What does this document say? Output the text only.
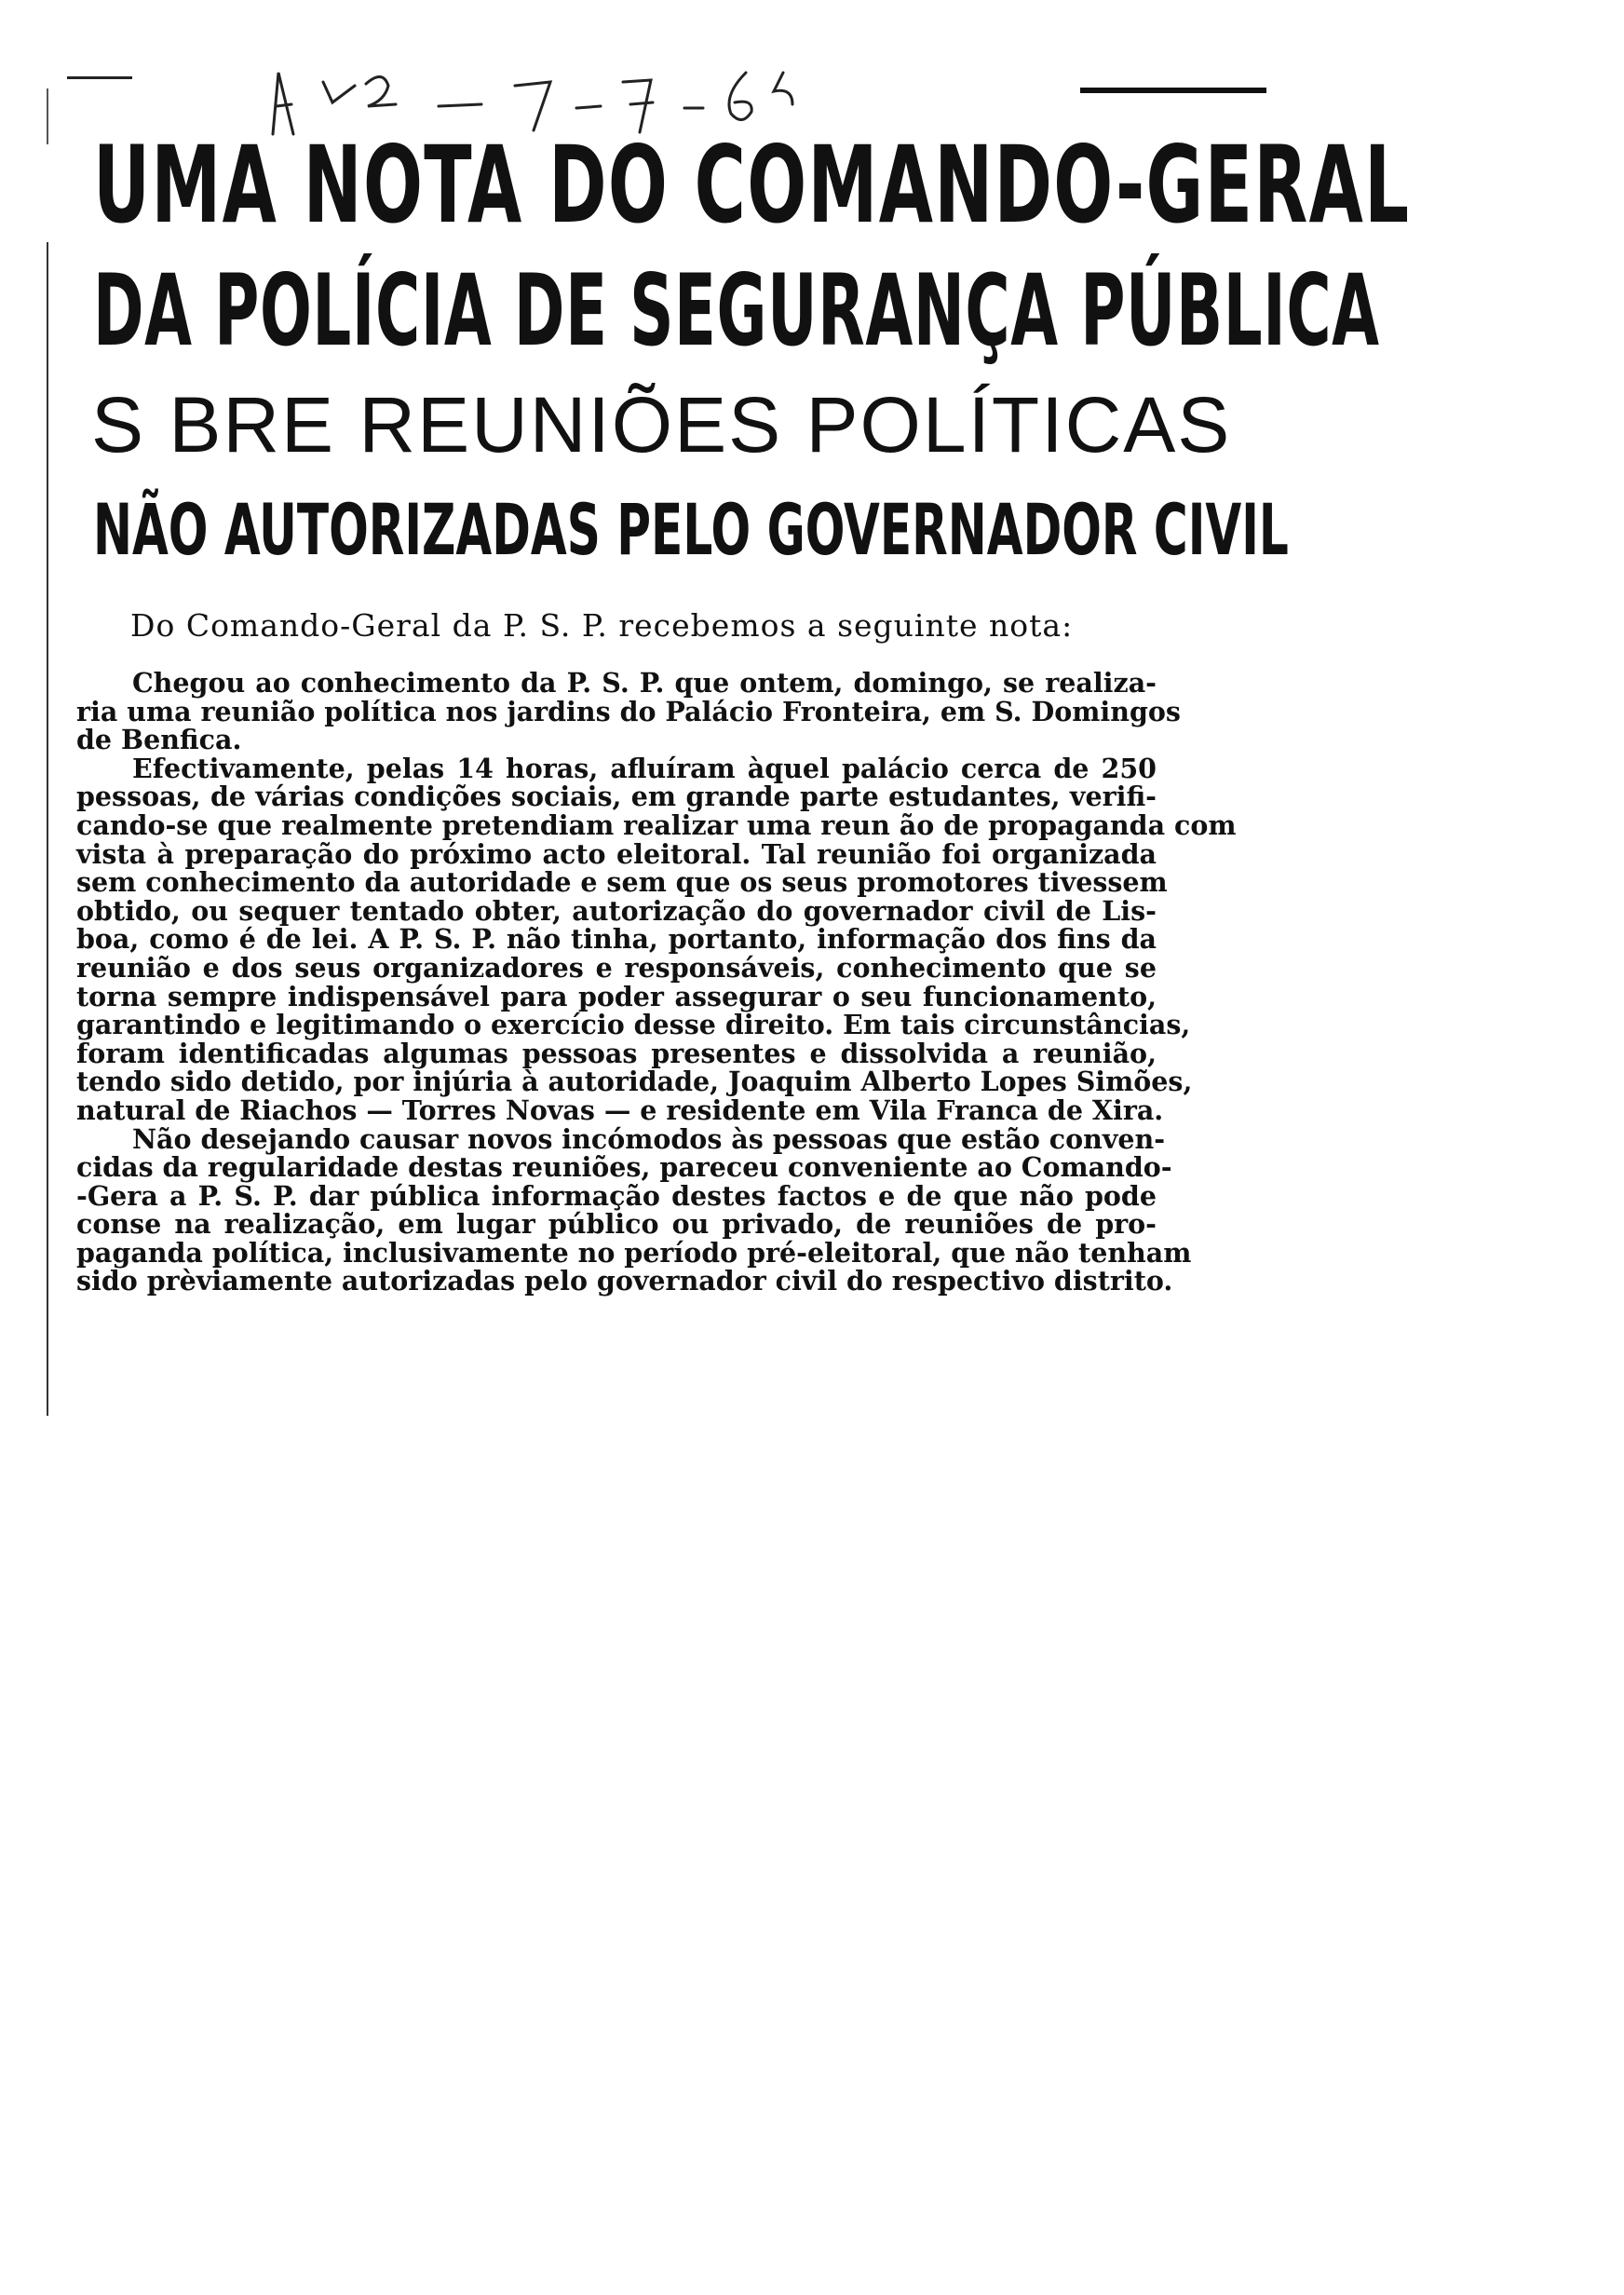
UMA NOTA DO COMANDO-GERAL
DA POLÍCIA DE SEGURANÇA PÚBLICA
S BRE REUNIÕES POLÍTICAS
NÃO AUTORIZADAS PELO GOVERNADOR CIVIL
Do Comando-Geral da P. S. P. recebemos a seguinte nota:
Chegou ao conhecimento da P. S. P. que ontem, domingo, se realiza-
ria uma reunião política nos jardins do Palácio Fronteira, em S. Domingos
de Benfica.
Efectivamente, pelas 14 horas, afluíram àquel palácio cerca de 250
pessoas, de várias condições sociais, em grande parte estudantes, verifi-
cando-se que realmente pretendiam realizar uma reun ão de propaganda com
vista à preparação do próximo acto eleitoral. Tal reunião foi organizada
sem conhecimento da autoridade e sem que os seus promotores tivessem
obtido, ou sequer tentado obter, autorização do governador civil de Lis-
boa, como é de lei. A P. S. P. não tinha, portanto, informação dos fins da
reunião e dos seus organizadores e responsáveis, conhecimento que se
torna sempre indispensável para poder assegurar o seu funcionamento,
garantindo e legitimando o exercício desse direito. Em tais circunstâncias,
foram identificadas algumas pessoas presentes e dissolvida a reunião,
tendo sido detido, por injúria à autoridade, Joaquim Alberto Lopes Simões,
natural de Riachos — Torres Novas — e residente em Vila Franca de Xira.
Não desejando causar novos incómodos às pessoas que estão conven-
cidas da regularidade destas reuniões, pareceu conveniente ao Comando-
-Gera a P. S. P. dar pública informação destes factos e de que não pode
conse na realização, em lugar público ou privado, de reuniões de pro-
paganda política, inclusivamente no período pré-eleitoral, que não tenham
sido prèviamente autorizadas pelo governador civil do respectivo distrito.
